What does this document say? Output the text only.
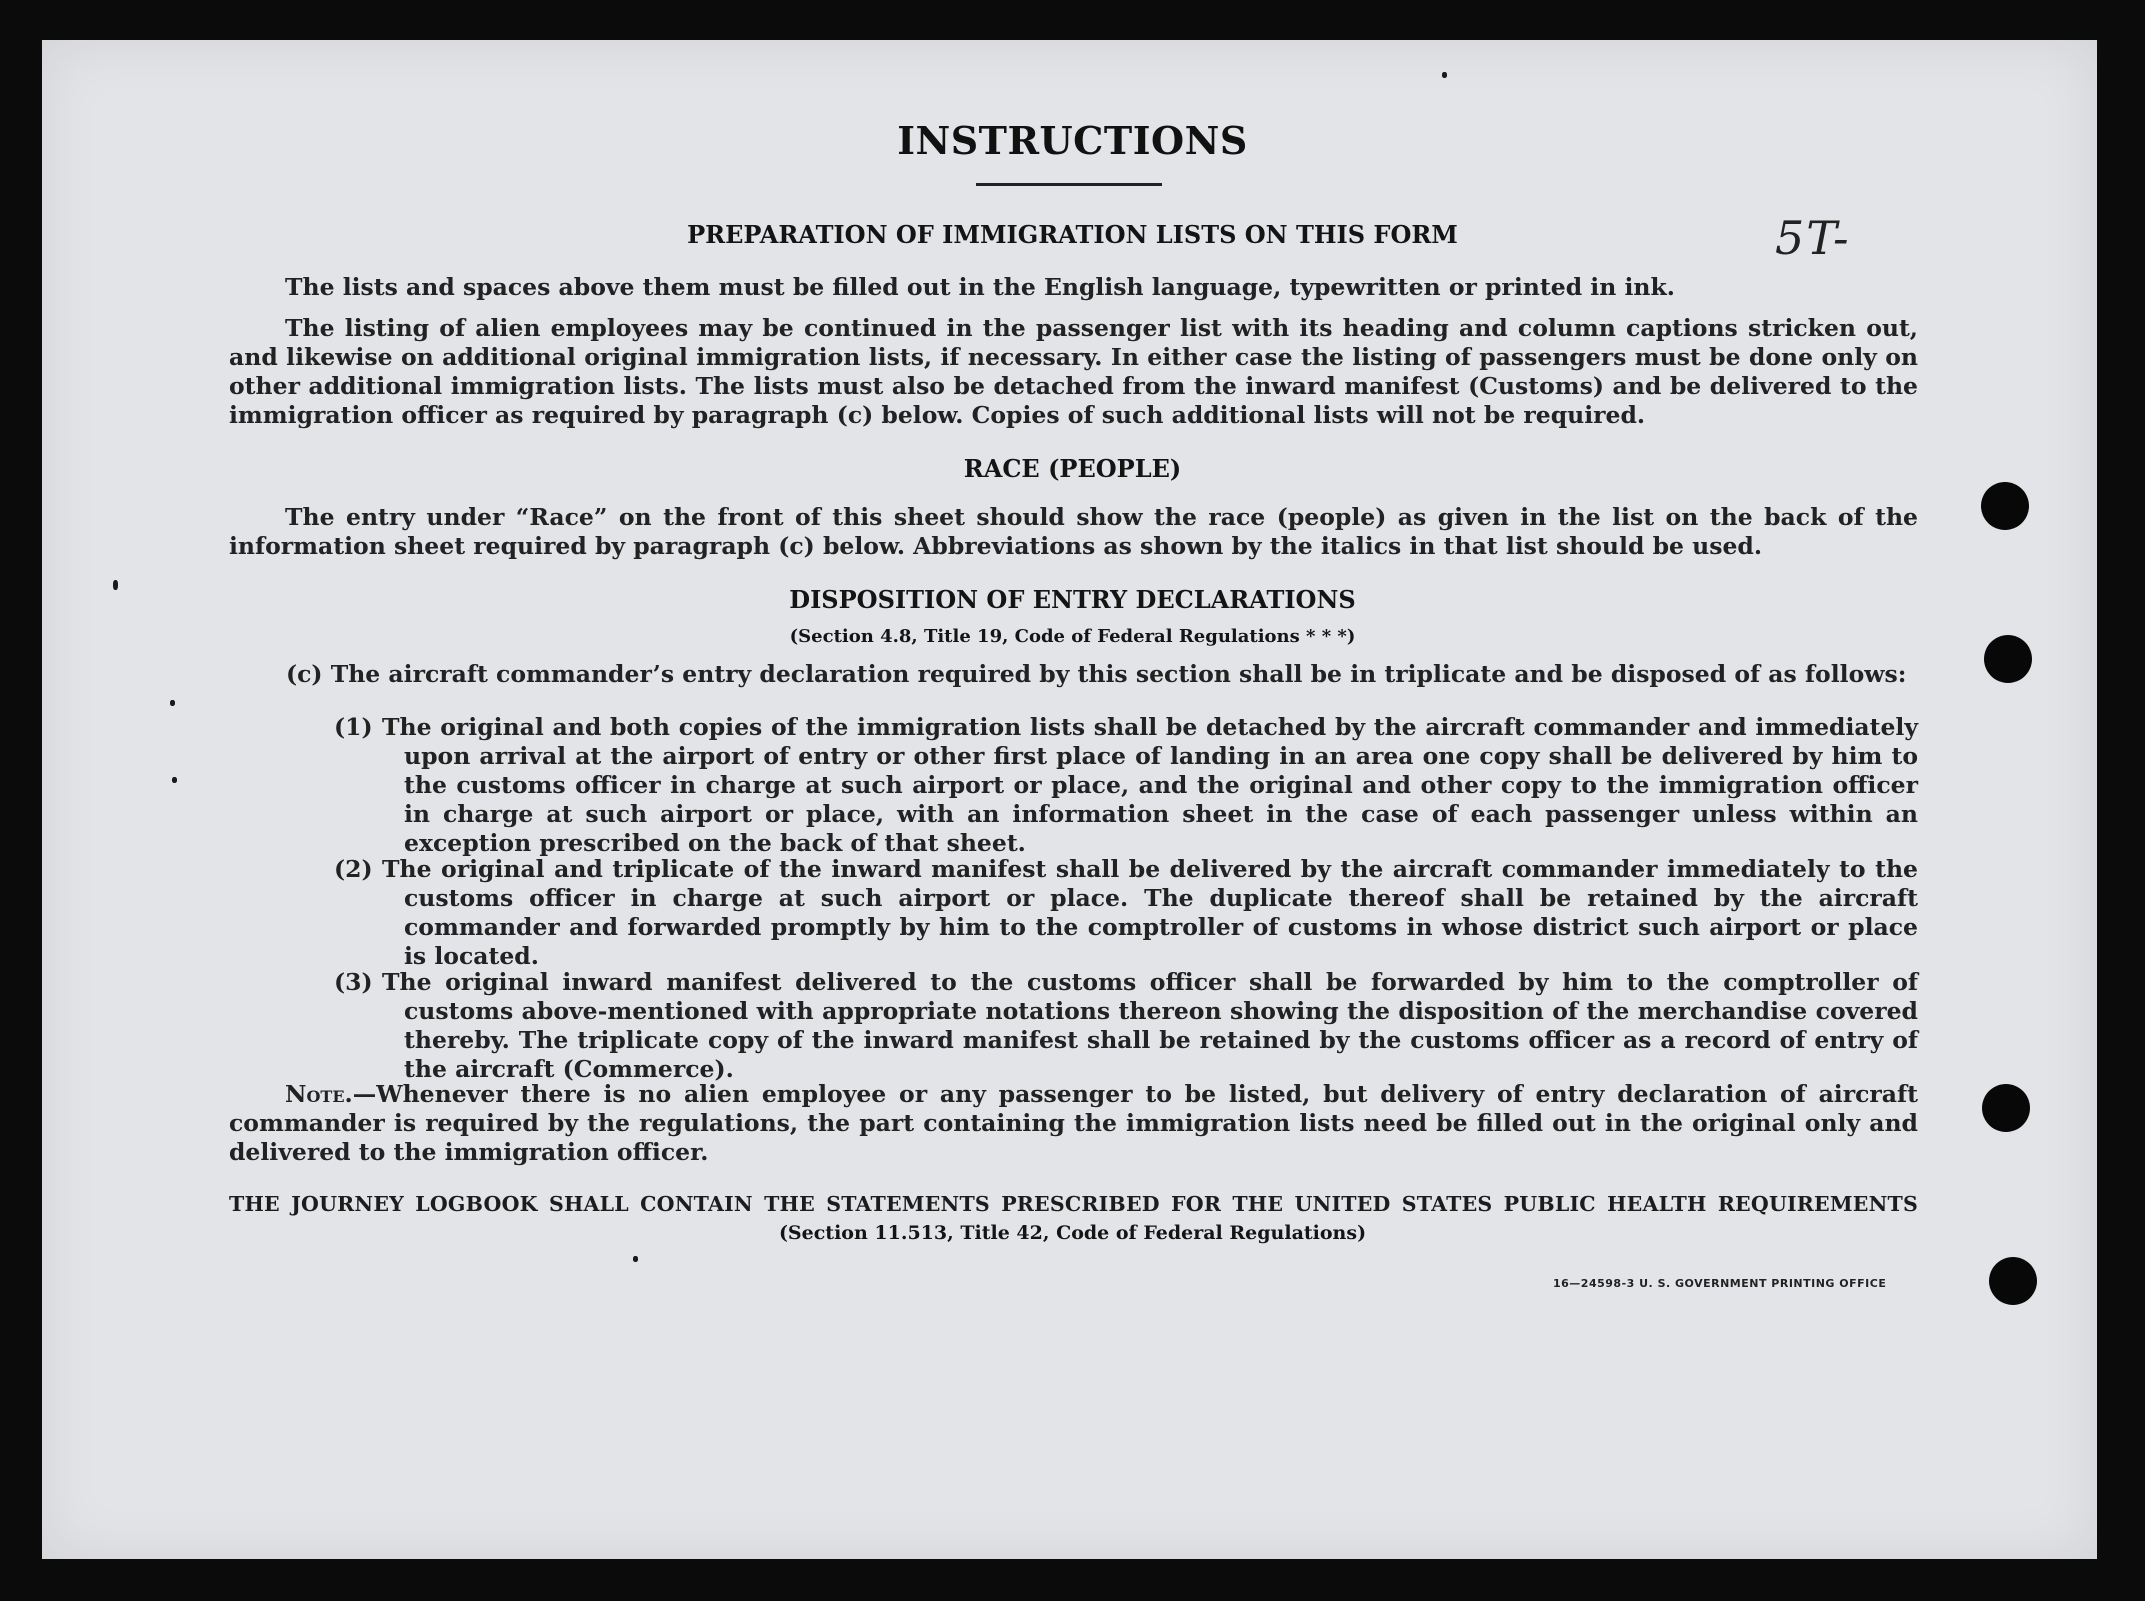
5T-
INSTRUCTIONS
PREPARATION OF IMMIGRATION LISTS ON THIS FORM
The lists and spaces above them must be filled out in the English language, typewritten or printed in ink.
The listing of alien employees may be continued in the passenger list with its heading and column captions stricken out, and likewise on additional original immigration lists, if necessary. In either case the listing of passengers must be done only on other additional immigration lists. The lists must also be detached from the inward manifest (Customs) and be delivered to the immigration officer as required by paragraph (c) below. Copies of such additional lists will not be required.
RACE (PEOPLE)
The entry under “Race” on the front of this sheet should show the race (people) as given in the list on the back of the information sheet required by paragraph (c) below. Abbreviations as shown by the italics in that list should be used.
DISPOSITION OF ENTRY DECLARATIONS
(Section 4.8, Title 19, Code of Federal Regulations * * *)
(c) The aircraft commander’s entry declaration required by this section shall be in triplicate and be disposed of as follows:
(1) The original and both copies of the immigration lists shall be detached by the aircraft commander and immediately upon arrival at the airport of entry or other first place of landing in an area one copy shall be delivered by him to the customs officer in charge at such airport or place, and the original and other copy to the immigration officer in charge at such airport or place, with an information sheet in the case of each passenger unless within an exception prescribed on the back of that sheet.
(2) The original and triplicate of the inward manifest shall be delivered by the aircraft commander immediately to the customs officer in charge at such airport or place. The duplicate thereof shall be retained by the aircraft commander and forwarded promptly by him to the comptroller of customs in whose district such airport or place is located.
(3) The original inward manifest delivered to the customs officer shall be forwarded by him to the comptroller of customs above-mentioned with appropriate notations thereon showing the disposition of the merchandise covered thereby. The triplicate copy of the inward manifest shall be retained by the customs officer as a record of entry of the aircraft (Commerce).
Note.—Whenever there is no alien employee or any passenger to be listed, but delivery of entry declaration of aircraft commander is required by the regulations, the part containing the immigration lists need be filled out in the original only and delivered to the immigration officer.
THE JOURNEY LOGBOOK SHALL CONTAIN THE STATEMENTS PRESCRIBED FOR THE UNITED STATES PUBLIC HEALTH REQUIREMENTS
(Section 11.513, Title 42, Code of Federal Regulations)
16—24598-3 U. S. GOVERNMENT PRINTING OFFICE
